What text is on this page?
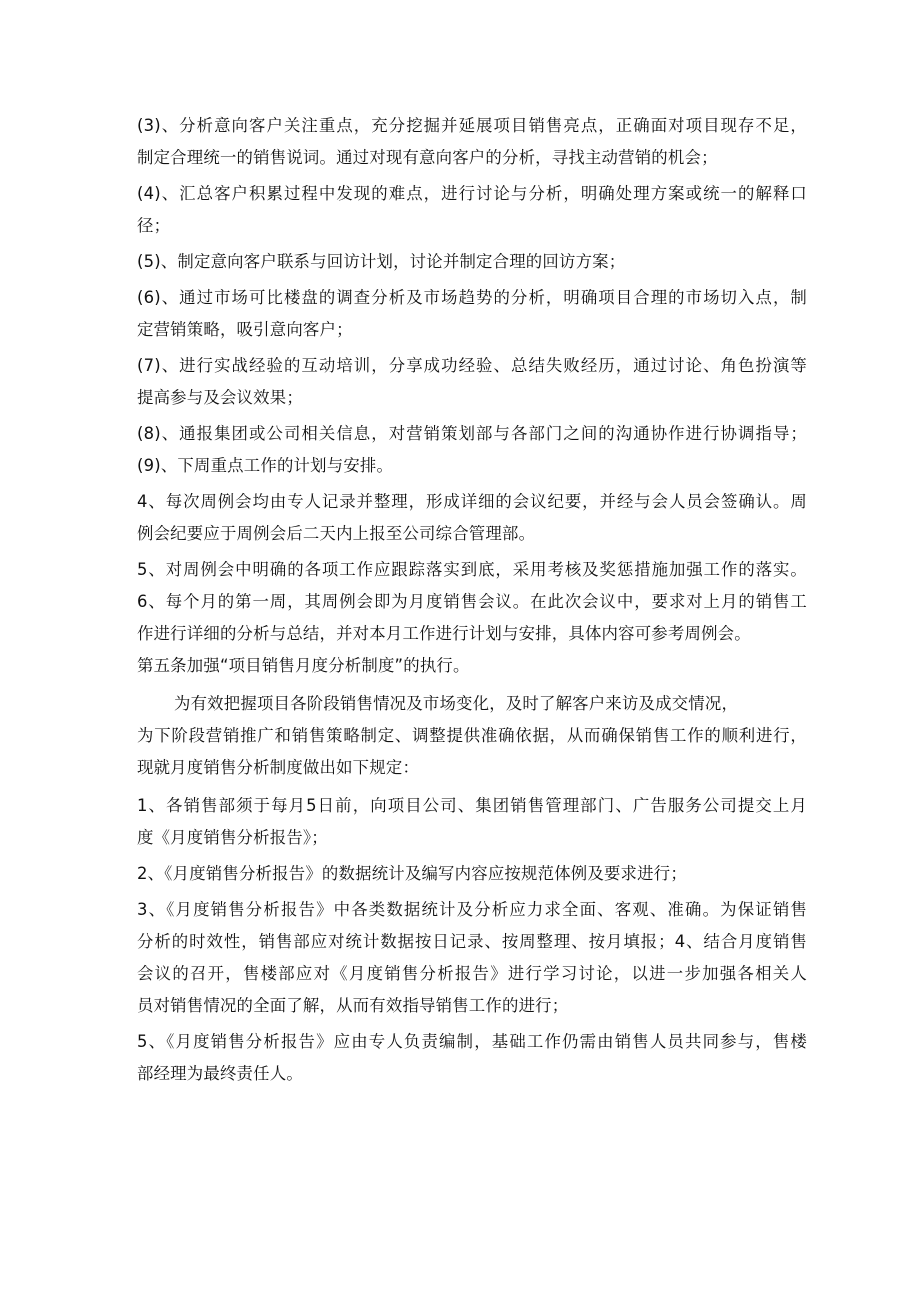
(3)、分析意向客户关注重点，充分挖掘并延展项目销售亮点，正确面对项目现存不足，
制定合理统一的销售说词。通过对现有意向客户的分析，寻找主动营销的机会；
(4)、汇总客户积累过程中发现的难点，进行讨论与分析，明确处理方案或统一的解释口
径；
(5)、制定意向客户联系与回访计划，讨论并制定合理的回访方案；
(6)、通过市场可比楼盘的调查分析及市场趋势的分析，明确项目合理的市场切入点，制
定营销策略，吸引意向客户；
(7)、进行实战经验的互动培训，分享成功经验、总结失败经历，通过讨论、角色扮演等
提高参与及会议效果；
(8)、通报集团或公司相关信息，对营销策划部与各部门之间的沟通协作进行协调指导；
(9)、下周重点工作的计划与安排。
4、每次周例会均由专人记录并整理，形成详细的会议纪要，并经与会人员会签确认。周
例会纪要应于周例会后二天内上报至公司综合管理部。
5、对周例会中明确的各项工作应跟踪落实到底，采用考核及奖惩措施加强工作的落实。
6、每个月的第一周，其周例会即为月度销售会议。在此次会议中，要求对上月的销售工
作进行详细的分析与总结，并对本月工作进行计划与安排，具体内容可参考周例会。
第五条加强“项目销售月度分析制度”的执行。
为有效把握项目各阶段销售情况及市场变化，及时了解客户来访及成交情况，
为下阶段营销推广和销售策略制定、调整提供准确依据，从而确保销售工作的顺利进行，
现就月度销售分析制度做出如下规定：
1、各销售部须于每月5日前，向项目公司、集团销售管理部门、广告服务公司提交上月
度《月度销售分析报告》；
2、《月度销售分析报告》的数据统计及编写内容应按规范体例及要求进行；
3、《月度销售分析报告》中各类数据统计及分析应力求全面、客观、准确。为保证销售
分析的时效性，销售部应对统计数据按日记录、按周整理、按月填报；4、结合月度销售
会议的召开，售楼部应对《月度销售分析报告》进行学习讨论，以进一步加强各相关人
员对销售情况的全面了解，从而有效指导销售工作的进行；
5、《月度销售分析报告》应由专人负责编制，基础工作仍需由销售人员共同参与，售楼
部经理为最终责任人。
